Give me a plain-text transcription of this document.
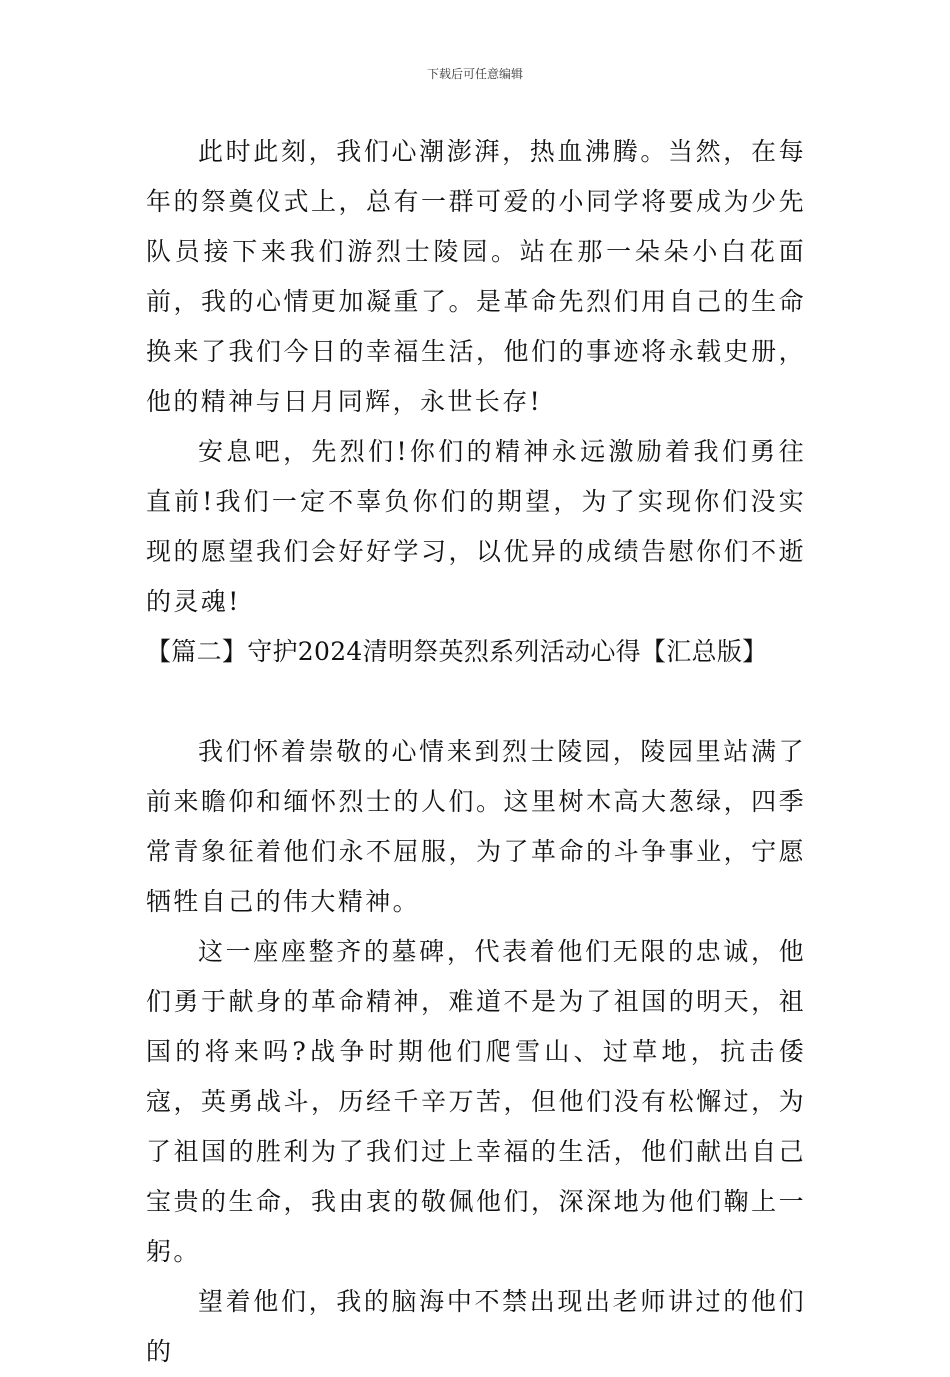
下载后可任意编辑

此时此刻，我们心潮澎湃，热血沸腾。当然，在每年的祭奠仪式上，总有一群可爱的小同学将要成为少先队员接下来我们游烈士陵园。站在那一朵朵小白花面前，我的心情更加凝重了。是革命先烈们用自己的生命换来了我们今日的幸福生活，他们的事迹将永载史册，他的精神与日月同辉，永世长存!

安息吧，先烈们!你们的精神永远激励着我们勇往直前!我们一定不辜负你们的期望，为了实现你们没实现的愿望我们会好好学习，以优异的成绩告慰你们不逝的灵魂!

【篇二】守护2024清明祭英烈系列活动心得【汇总版】

我们怀着崇敬的心情来到烈士陵园，陵园里站满了前来瞻仰和缅怀烈士的人们。这里树木高大葱绿，四季常青象征着他们永不屈服，为了革命的斗争事业，宁愿牺牲自己的伟大精神。

这一座座整齐的墓碑，代表着他们无限的忠诚，他们勇于献身的革命精神，难道不是为了祖国的明天，祖国的将来吗?战争时期他们爬雪山、过草地，抗击倭寇，英勇战斗，历经千辛万苦，但他们没有松懈过，为了祖国的胜利为了我们过上幸福的生活，他们献出自己宝贵的生命，我由衷的敬佩他们，深深地为他们鞠上一躬。

望着他们，我的脑海中不禁出现出老师讲过的他们的
